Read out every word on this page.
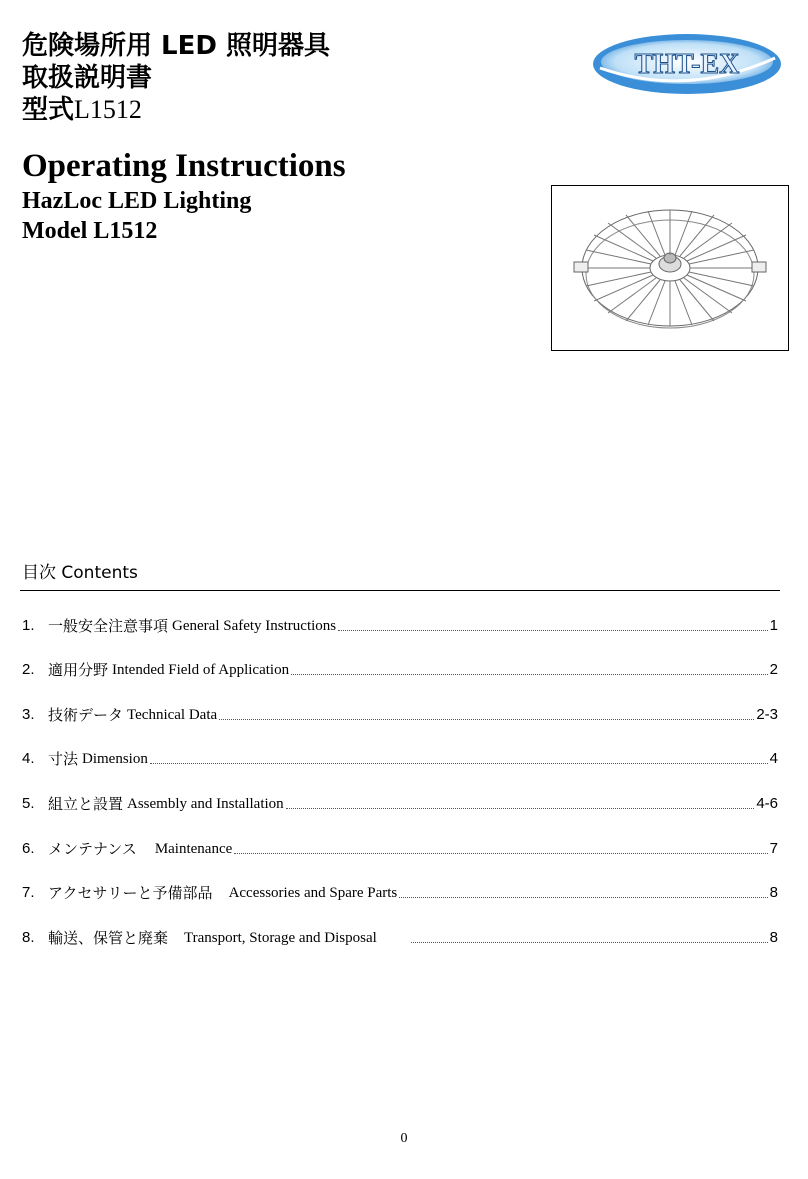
危険場所用 LED 照明器具
取扱説明書
型式L1512
THT-EX
Operating Instructions
HazLoc LED Lighting
Model L1512
目次 Contents
1. 一般安全注意事項 General Safety Instructions	1
2. 適用分野 Intended Field of Application	2
3. 技術データ Technical Data	2-3
4. 寸法 Dimension	4
5. 組立と設置 Assembly and Installation	4-6
6. メンテナンス Maintenance	7
7. アクセサリーと予備部品 Accessories and Spare Parts	8
8. 輸送、保管と廃棄 Transport, Storage and Disposal	8
0
